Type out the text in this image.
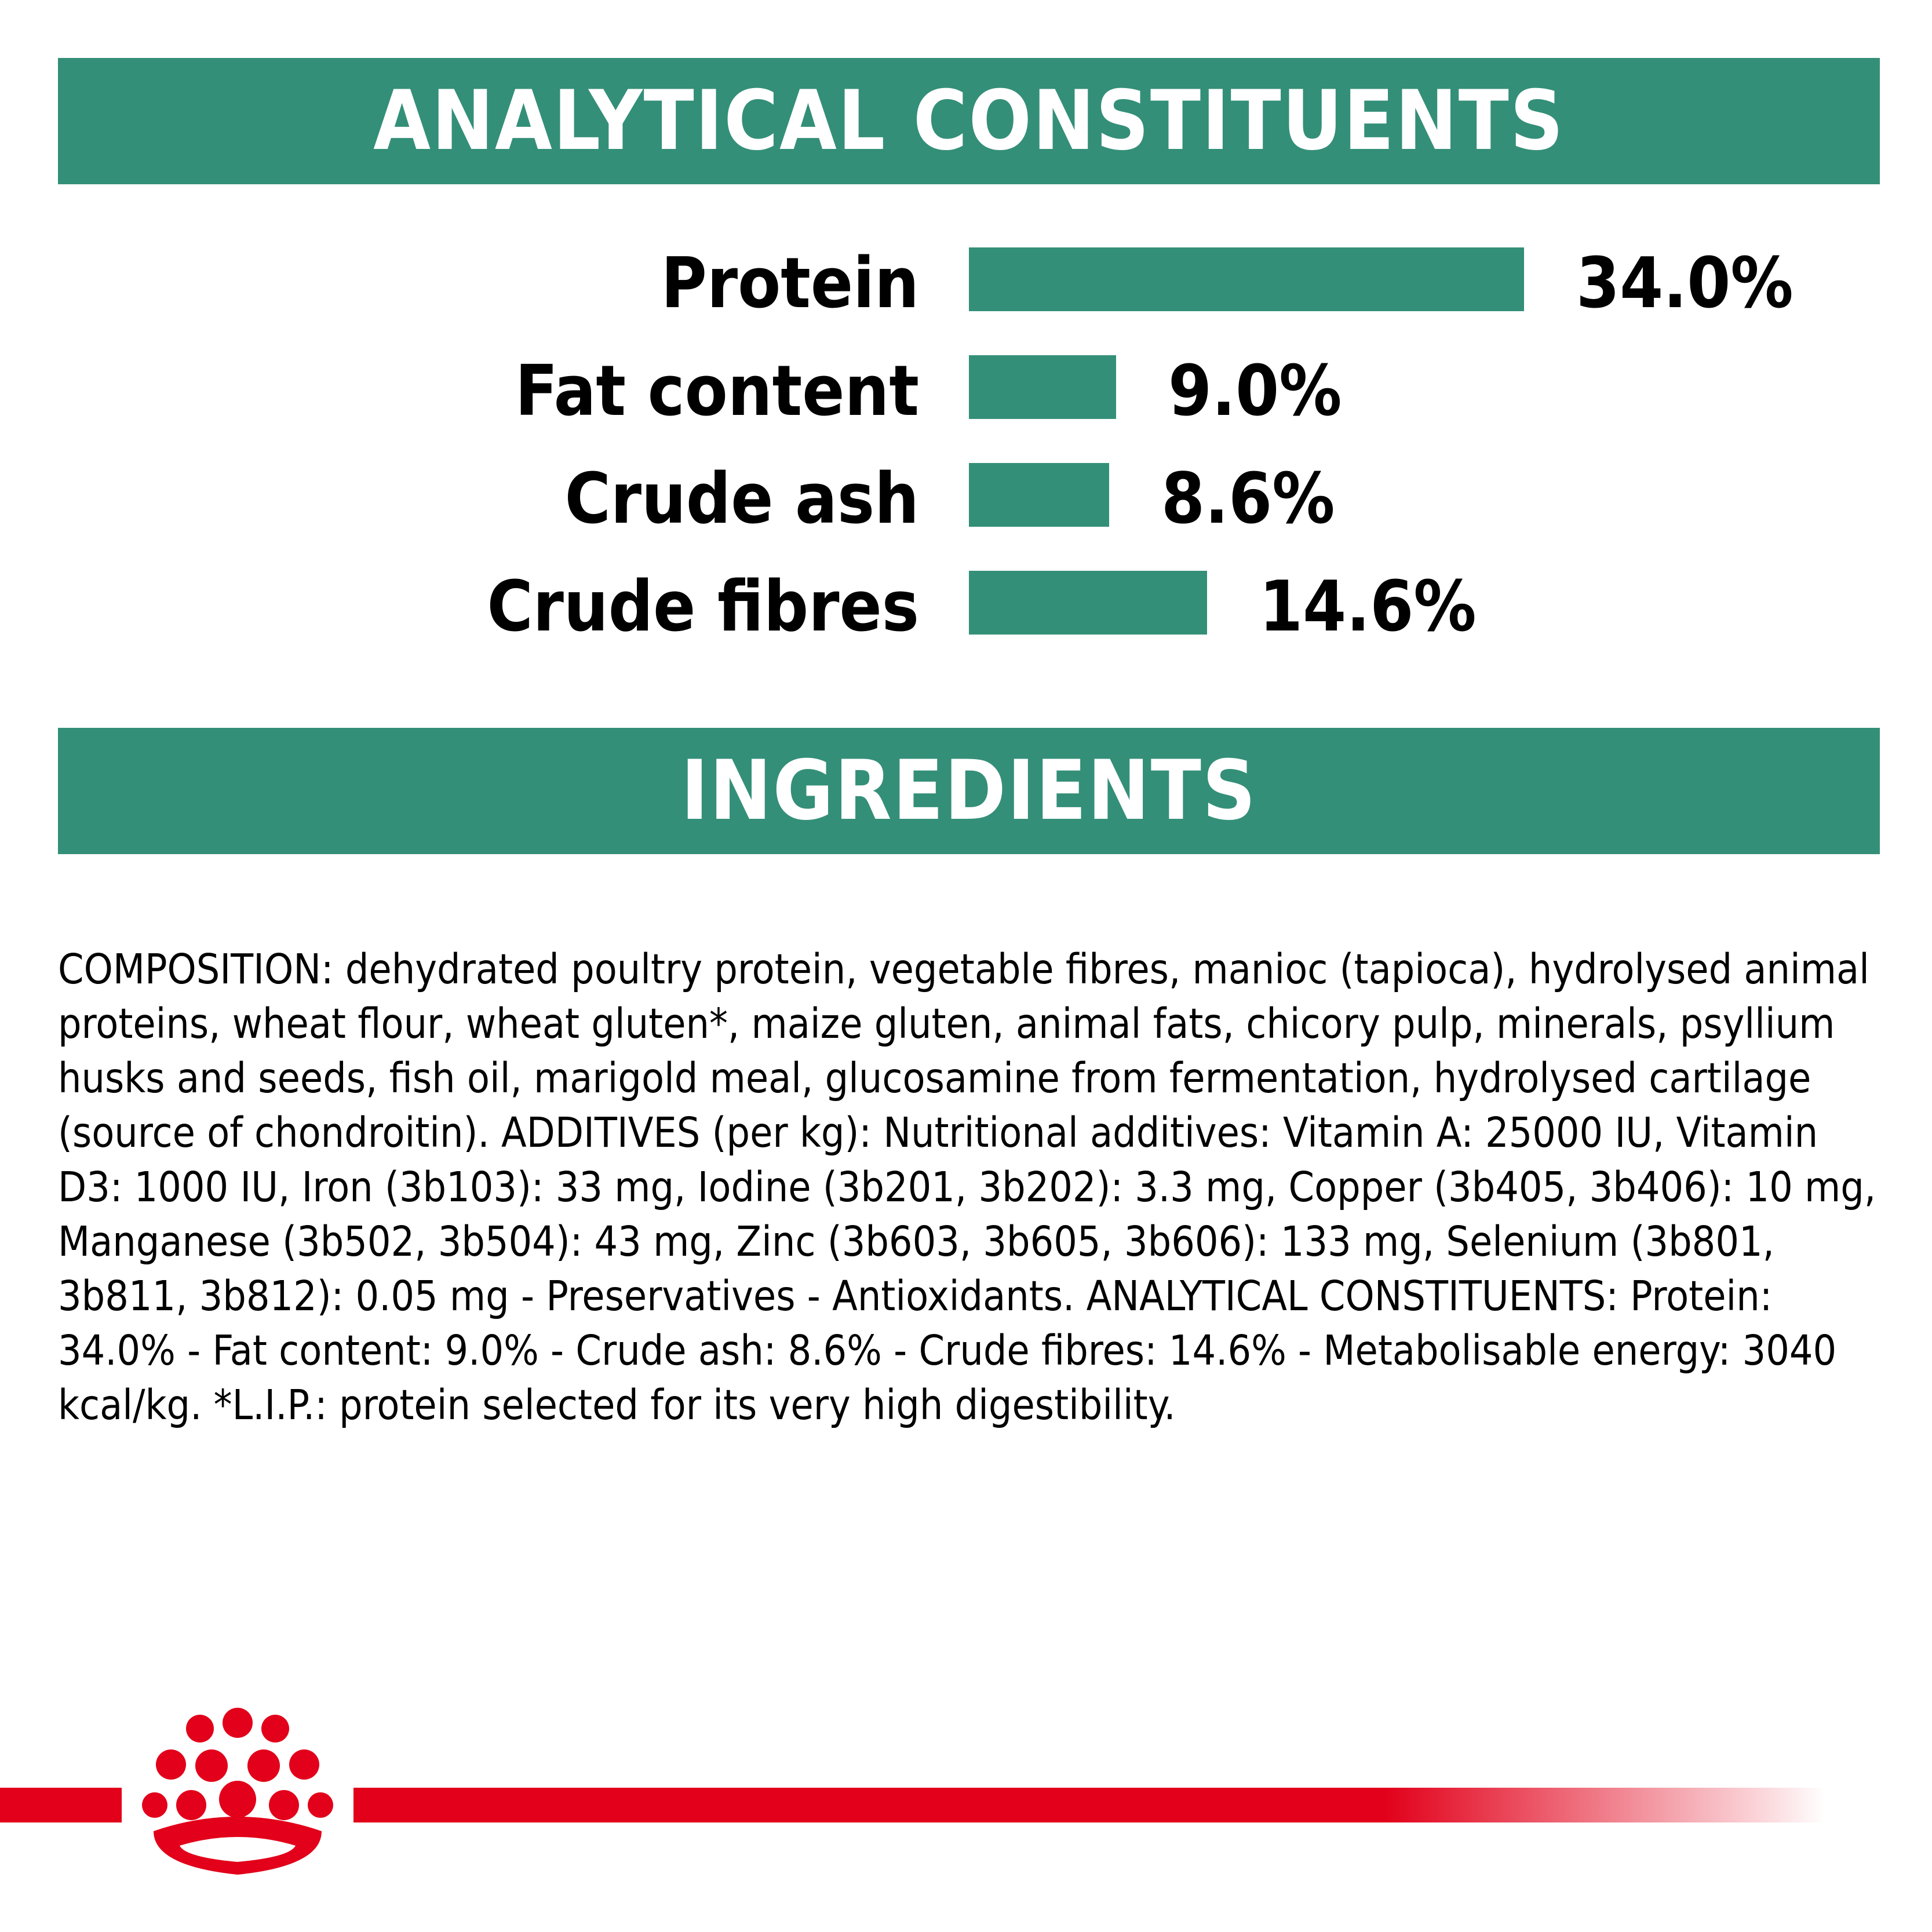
ANALYTICAL CONSTITUENTS
Protein	34.0%
Fat content	9.0%
Crude ash	8.6%
Crude fibres	14.6%
INGREDIENTS

COMPOSITION: dehydrated poultry protein, vegetable fibres, manioc (tapioca), hydrolysed animal proteins, wheat flour, wheat gluten*, maize gluten, animal fats, chicory pulp, minerals, psyllium husks and seeds, fish oil, marigold meal, glucosamine from fermentation, hydrolysed cartilage (source of chondroitin). ADDITIVES (per kg): Nutritional additives: Vitamin A: 25000 IU, Vitamin D3: 1000 IU, Iron (3b103): 33 mg, Iodine (3b201, 3b202): 3.3 mg, Copper (3b405, 3b406): 10 mg, Manganese (3b502, 3b504): 43 mg, Zinc (3b603, 3b605, 3b606): 133 mg, Selenium (3b801, 3b811, 3b812): 0.05 mg - Preservatives - Antioxidants. ANALYTICAL CONSTITUENTS: Protein: 34.0% - Fat content: 9.0% - Crude ash: 8.6% - Crude fibres: 14.6% - Metabolisable energy: 3040 kcal/kg. *L.I.P.: protein selected for its very high digestibility.
